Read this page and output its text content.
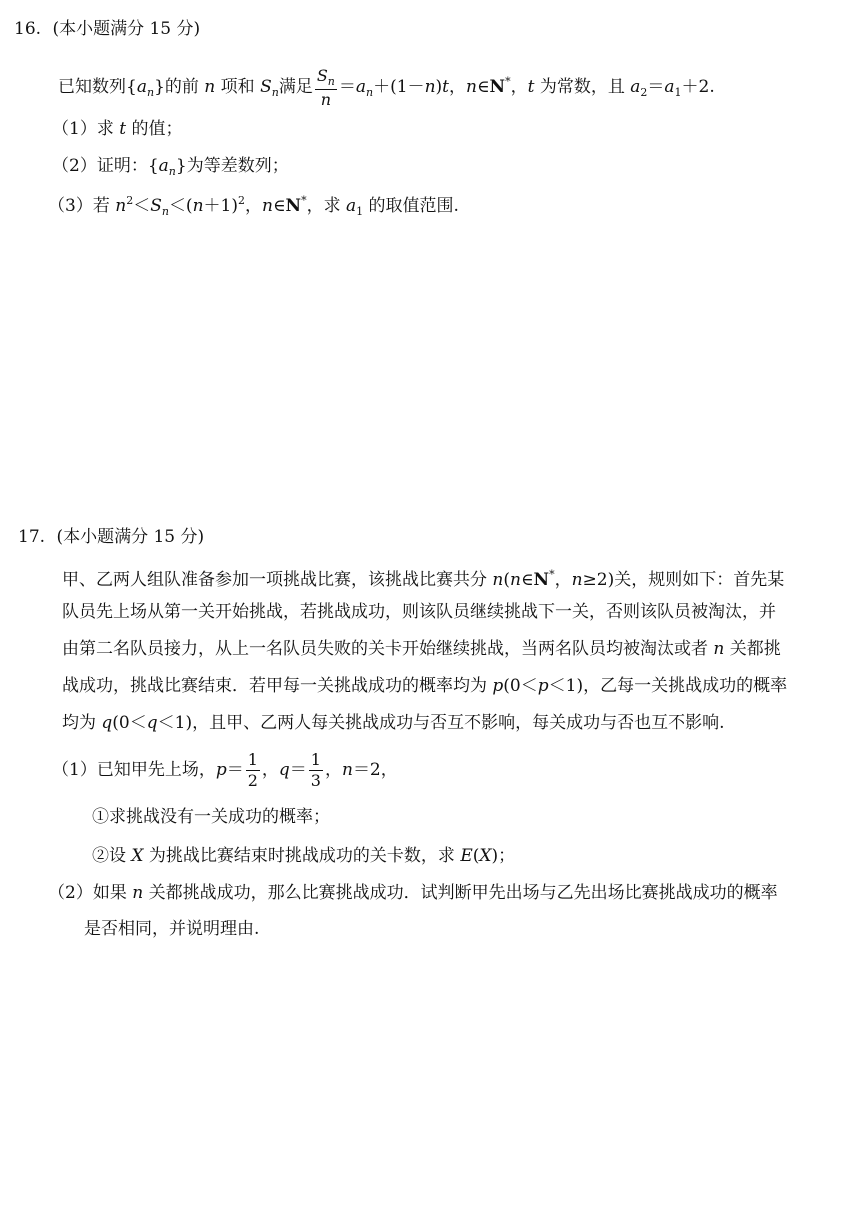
16. (本小题满分 15 分)
已知数列$\{a_n\}$的前 n 项和 $S_n$满足 $\frac{S_n}{n} =a_n+(1-n)t$，n∈N*，t 为常数，且 $a_2=a_1+2$.
（1）求 t 的值；
（2）证明：$\{a_n\}$为等差数列；
（3）若 $n^2<S_n<(n+1)^2$，n∈N*，求 $a_1$ 的取值范围.
17. (本小题满分 15 分)
甲、乙两人组队准备参加一项挑战比赛，该挑战比赛共分 n(n∈N*，n≥2)关，规则如下：首先某
队员先上场从第一关开始挑战，若挑战成功，则该队员继续挑战下一关，否则该队员被淘汰，并
由第二名队员接力，从上一名队员失败的关卡开始继续挑战，当两名队员均被淘汰或者 n 关都挑
战成功，挑战比赛结束．若甲每一关挑战成功的概率均为 p(0＜p＜1)，乙每一关挑战成功的概率
均为 q(0＜q＜1)，且甲、乙两人每关挑战成功与否互不影响，每关成功与否也互不影响.
（1）已知甲先上场，$p= \frac{1}{2}$ ，$q= \frac{1}{3}$ ，n＝2，
①求挑战没有一关成功的概率；
②设 X 为挑战比赛结束时挑战成功的关卡数，求 E(X)；
（2）如果 n 关都挑战成功，那么比赛挑战成功．试判断甲先出场与乙先出场比赛挑战成功的概率
是否相同，并说明理由.
